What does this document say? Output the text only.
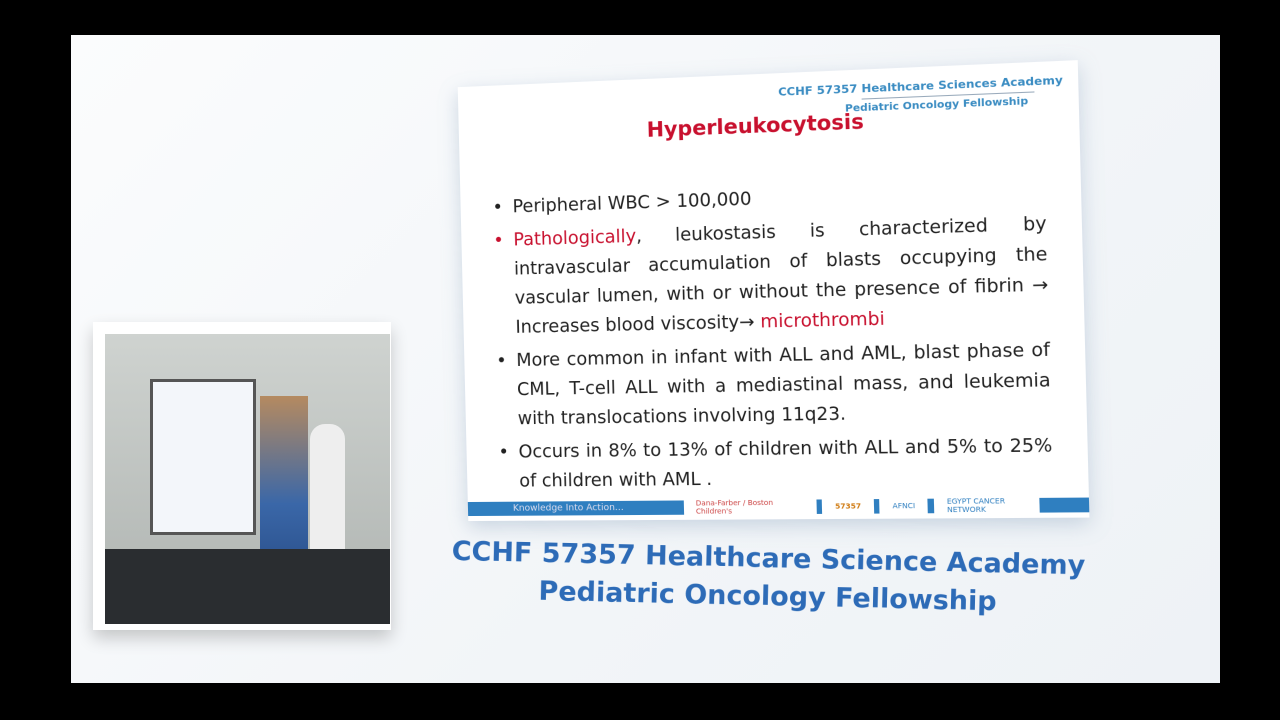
CCHF 57357 Healthcare Sciences Academy
Pediatric Oncology Fellowship
Hyperleukocytosis
• Peripheral WBC > 100,000
• Pathologically, leukostasis is characterized by intravascular accumulation of blasts occupying the vascular lumen, with or without the presence of fibrin → Increases blood viscosity→ microthrombi
• More common in infant with ALL and AML, blast phase of CML, T-cell ALL with a mediastinal mass, and leukemia with translocations involving 11q23.
• Occurs in 8% to 13% of children with ALL and 5% to 25% of children with AML .
Knowledge Into Action...	Dana-Farber / Boston Children's
57357	AFNCI
EGYPT CANCER NETWORK
CCHF 57357 Healthcare Science Academy
Pediatric Oncology Fellowship
